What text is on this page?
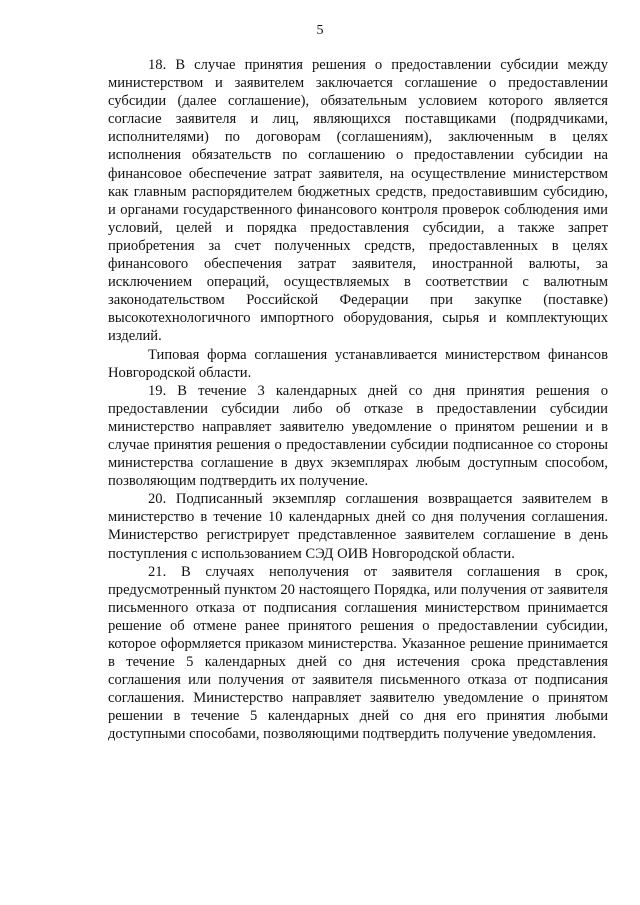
5

18. В случае принятия решения о предоставлении субсидии между министерством и заявителем заключается соглашение о предоставлении субсидии (далее соглашение), обязательным условием которого является согласие заявителя и лиц, являющихся поставщиками (подрядчиками, исполнителями) по договорам (соглашениям), заключенным в целях исполнения обязательств по соглашению о предоставлении субсидии на финансовое обеспечение затрат заявителя, на осуществление министерством как главным распорядителем бюджетных средств, предоставившим субсидию, и органами государственного финансового контроля проверок соблюдения ими условий, целей и порядка предоставления субсидии, а также запрет приобретения за счет полученных средств, предоставленных в целях финансового обеспечения затрат заявителя, иностранной валюты, за исключением операций, осуществляемых в соответствии с валютным законодательством Российской Федерации при закупке (поставке) высокотехнологичного импортного оборудования, сырья и комплектующих изделий.

Типовая форма соглашения устанавливается министерством финансов Новгородской области.

19. В течение 3 календарных дней со дня принятия решения о предоставлении субсидии либо об отказе в предоставлении субсидии министерство направляет заявителю уведомление о принятом решении и в случае принятия решения о предоставлении субсидии подписанное со стороны министерства соглашение в двух экземплярах любым доступным способом, позволяющим подтвердить их получение.

20. Подписанный экземпляр соглашения возвращается заявителем в министерство в течение 10 календарных дней со дня получения соглашения. Министерство регистрирует представленное заявителем соглашение в день поступления с использованием СЭД ОИВ Новгородской области.

21. В случаях неполучения от заявителя соглашения в срок, предусмотренный пунктом 20 настоящего Порядка, или получения от заявителя письменного отказа от подписания соглашения министерством принимается решение об отмене ранее принятого решения о предоставлении субсидии, которое оформляется приказом министерства. Указанное решение принимается в течение 5 календарных дней со дня истечения срока представления соглашения или получения от заявителя письменного отказа от подписания соглашения. Министерство направляет заявителю уведомление о принятом решении в течение 5 календарных дней со дня его принятия любыми доступными способами, позволяющими подтвердить получение уведомления.
